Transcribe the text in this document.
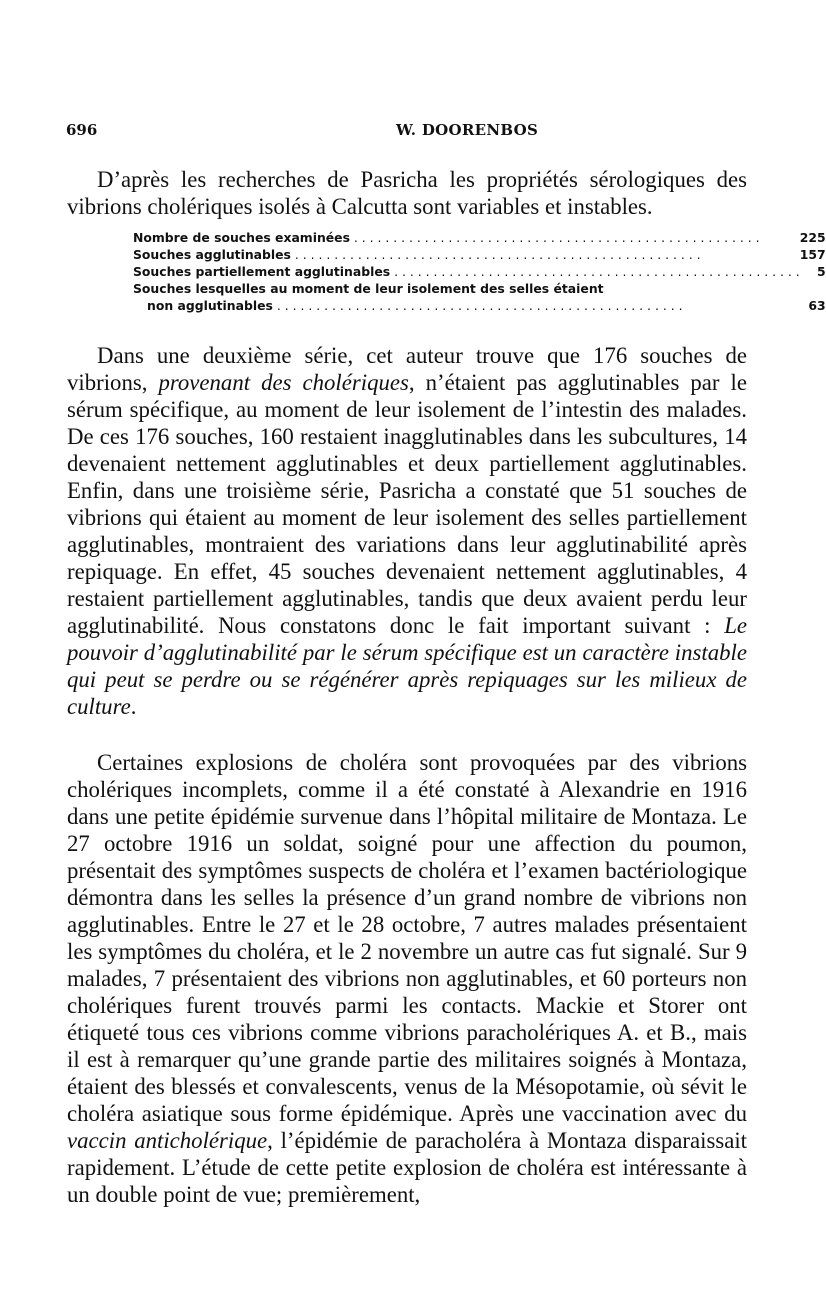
696	W. DOORENBOS

D’après les recherches de Pasricha les propriétés sérologiques des vibrions cholériques isolés à Calcutta sont variables et instables.

Nombre de souches examinées . . .	225
Souches agglutinables . . .	157
Souches partiellement agglutinables . . .	5
Souches lesquelles au moment de leur isolement des selles étaient	
non agglutinables . . .	63

Dans une deuxième série, cet auteur trouve que 176 souches de vibrions, provenant des cholériques, n’étaient pas agglutinables par le sérum spécifique, au moment de leur isolement de l’intestin des malades. De ces 176 souches, 160 restaient inagglutinables dans les subcultures, 14 devenaient nettement agglutinables et deux partiellement agglutinables. Enfin, dans une troisième série, Pasricha a constaté que 51 souches de vibrions qui étaient au moment de leur isolement des selles partiellement agglutinables, montraient des variations dans leur agglutinabilité après repiquage. En effet, 45 souches devenaient nettement agglutinables, 4 restaient partiellement agglutinables, tandis que deux avaient perdu leur agglutinabilité. Nous constatons donc le fait important suivant : Le pouvoir d’agglutinabilité par le sérum spécifique est un caractère instable qui peut se perdre ou se régénérer après repiquages sur les milieux de culture.

Certaines explosions de choléra sont provoquées par des vibrions cholériques incomplets, comme il a été constaté à Alexandrie en 1916 dans une petite épidémie survenue dans l’hôpital militaire de Montaza. Le 27 octobre 1916 un soldat, soigné pour une affection du poumon, présentait des symptômes suspects de choléra et l’examen bactériologique démontra dans les selles la présence d’un grand nombre de vibrions non agglutinables. Entre le 27 et le 28 octobre, 7 autres malades présentaient les symptômes du choléra, et le 2 novembre un autre cas fut signalé. Sur 9 malades, 7 présentaient des vibrions non agglutinables, et 60 porteurs non cholériques furent trouvés parmi les contacts. Mackie et Storer ont étiqueté tous ces vibrions comme vibrions paracholériques A. et B., mais il est à remarquer qu’une grande partie des militaires soignés à Montaza, étaient des blessés et convalescents, venus de la Mésopotamie, où sévit le choléra asiatique sous forme épidémique. Après une vaccination avec du vaccin anticholérique, l’épidémie de paracholéra à Montaza disparaissait rapidement. L’étude de cette petite explosion de choléra est intéressante à un double point de vue; premièrement,
